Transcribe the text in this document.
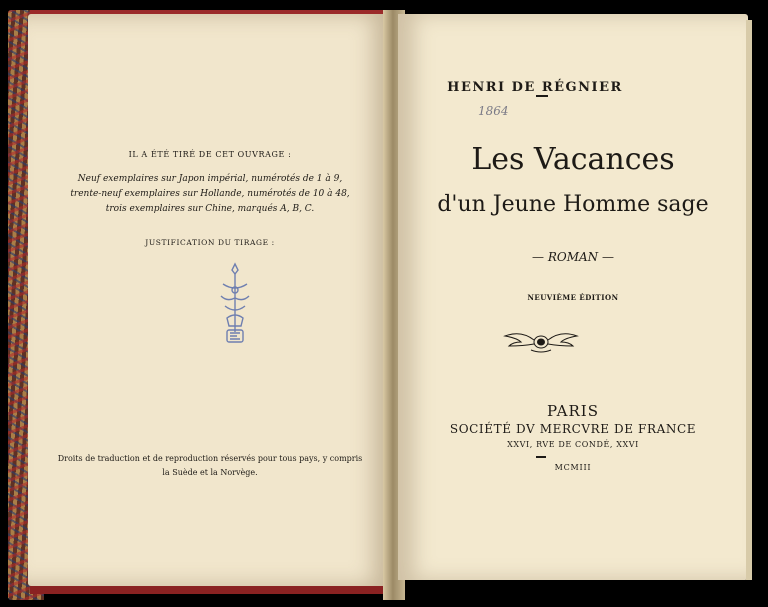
IL A ÉTÉ TIRÉ DE CET OUVRAGE :
Neuf exemplaires sur Japon impérial, numérotés de 1 à 9,
trente-neuf exemplaires sur Hollande, numérotés de 10 à 48,
trois exemplaires sur Chine, marqués A, B, C.
JUSTIFICATION DU TIRAGE :
Droits de traduction et de reproduction réservés pour tous pays, y compris
la Suède et la Norvège.
HENRI DE RÉGNIER
1864
Les Vacances
d'un Jeune Homme sage
— ROMAN —
NEUVIÈME ÉDITION
PARIS
SOCIÉTÉ DV MERCVRE DE FRANCE
XXVI, RVE DE CONDÉ, XXVI
MCMIII
